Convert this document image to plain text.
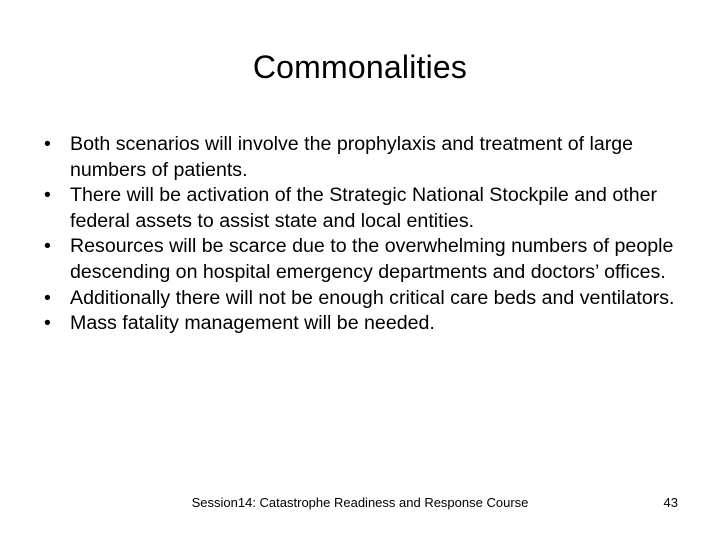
Commonalities
• Both scenarios will involve the prophylaxis and treatment of large numbers of patients.
• There will be activation of the Strategic National Stockpile and other federal assets to assist state and local entities.
• Resources will be scarce due to the overwhelming numbers of people descending on hospital emergency departments and doctors’ offices.
• Additionally there will not be enough critical care beds and ventilators.
• Mass fatality management will be needed.
Session14: Catastrophe Readiness and Response Course	43
